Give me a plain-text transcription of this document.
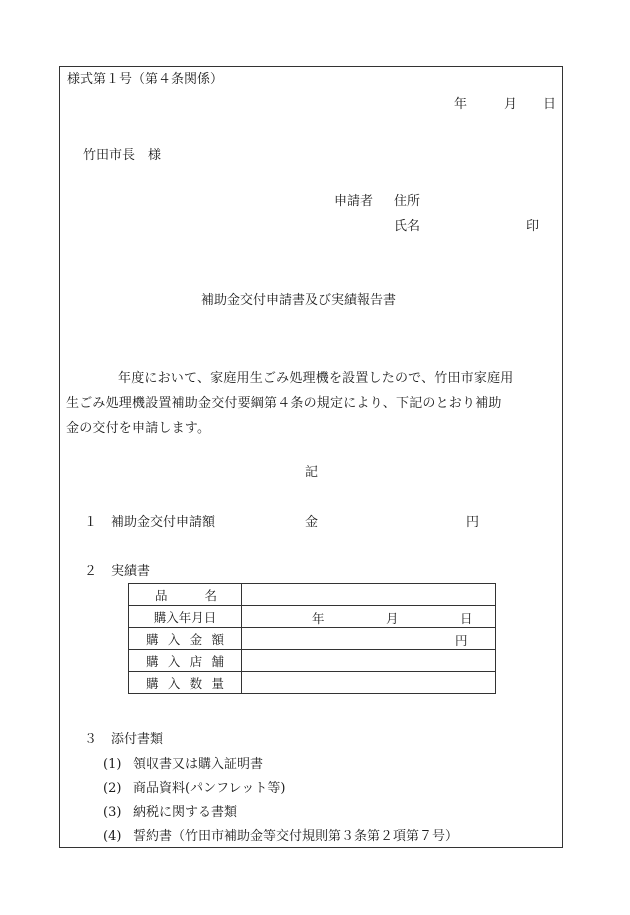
様式第１号（第４条関係）
年	月 日
竹田市長　様
申請者 住所
氏名	印
補助金交付申請書及び実績報告書
年度において、家庭用生ごみ処理機を設置したので、竹田市家庭用
生ごみ処理機設置補助金交付要綱第４条の規定により、下記のとおり補助
金の交付を申請します。
記
１ 補助金交付申請額	金	円
２ 実績書
品 名	

購入年月日	年 月 日

購 入 金 額	円

購 入 店 舗	

購 入 数 量	

３ 添付書類
(1) 領収書又は購入証明書
(2) 商品資料(パンフレット等)
(3) 納税に関する書類
(4) 誓約書（竹田市補助金等交付規則第３条第２項第７号）
